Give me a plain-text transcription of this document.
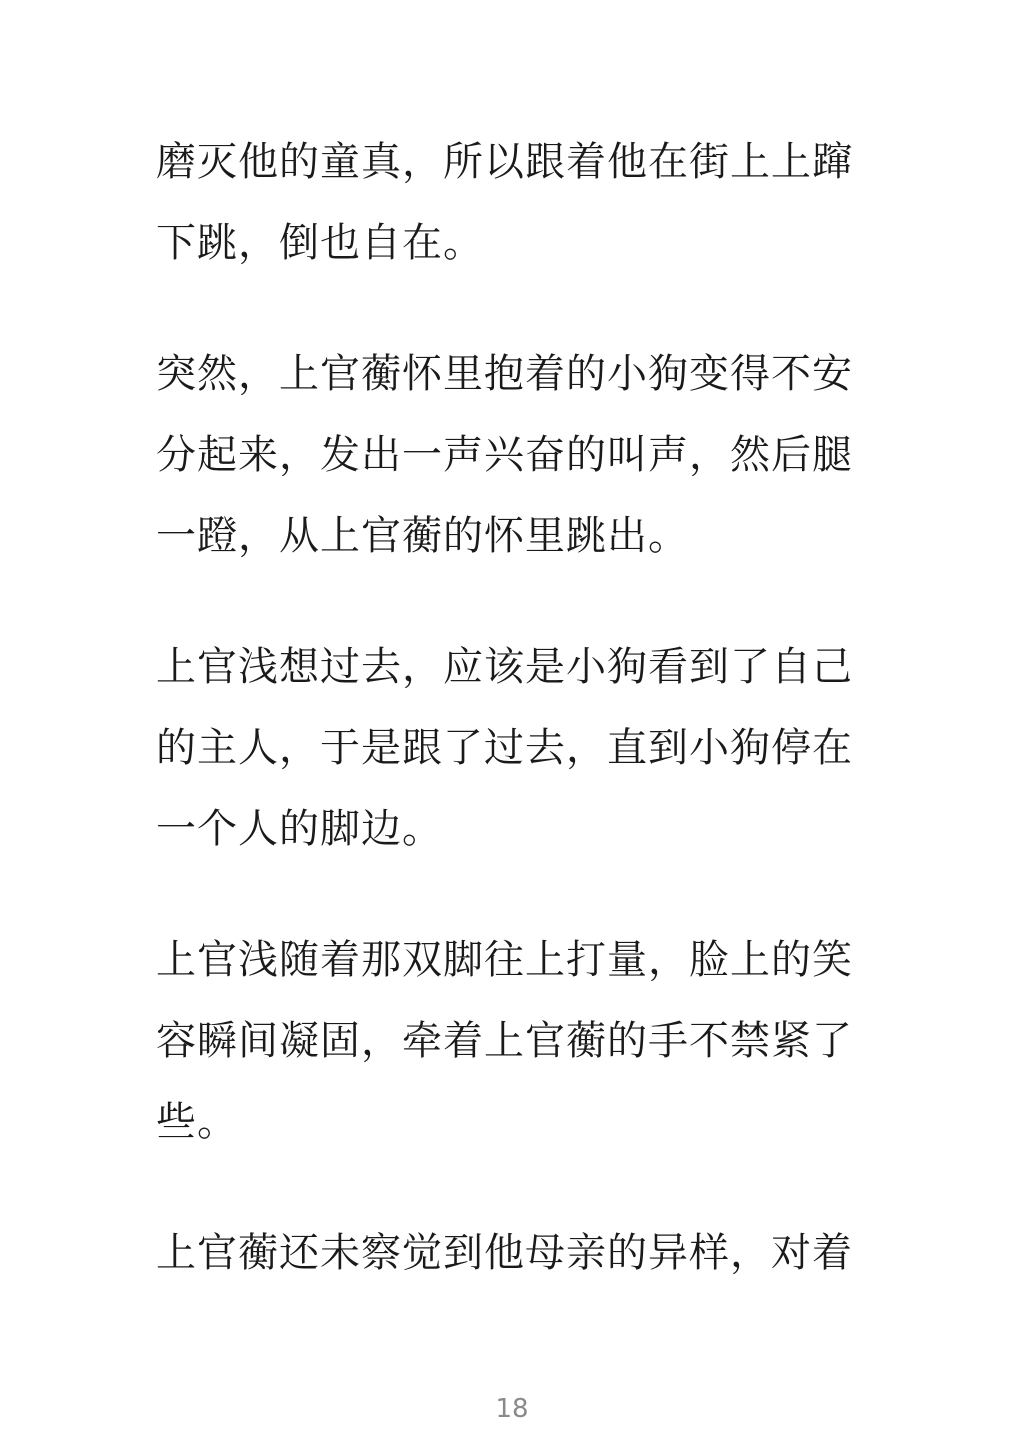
磨灭他的童真，所以跟着他在街上上蹿
下跳，倒也自在。
突然，上官蘅怀里抱着的小狗变得不安
分起来，发出一声兴奋的叫声，然后腿
一蹬，从上官蘅的怀里跳出。
上官浅想过去，应该是小狗看到了自己
的主人，于是跟了过去，直到小狗停在
一个人的脚边。
上官浅随着那双脚往上打量，脸上的笑
容瞬间凝固，牵着上官蘅的手不禁紧了
些。
上官蘅还未察觉到他母亲的异样，对着
18
